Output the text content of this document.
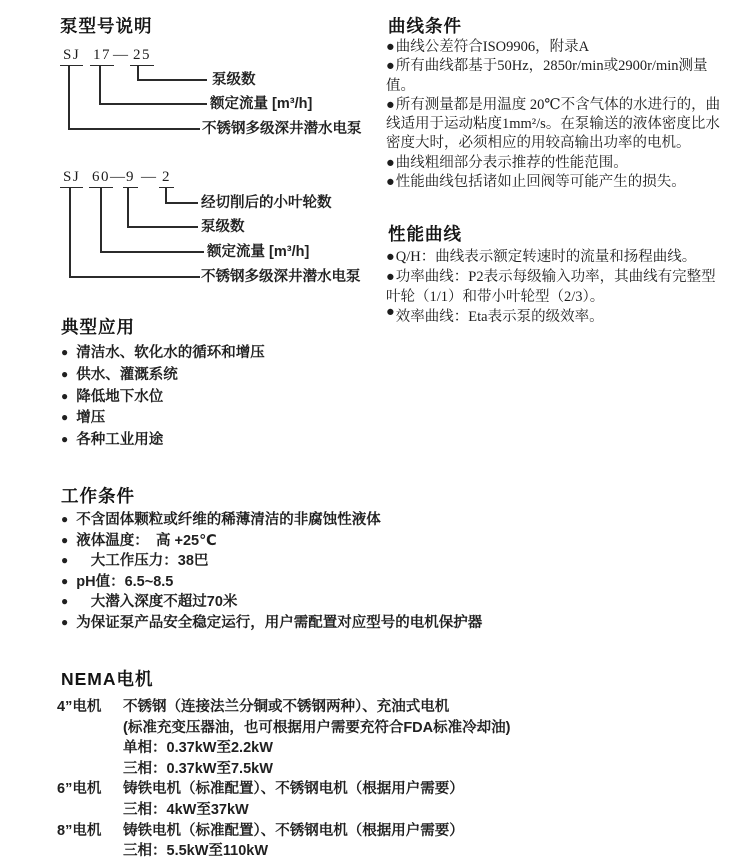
泵型号说明
SJ 17 — 25
泵级数
额定流量 [m³/h]
不锈钢多级深井潜水电泵
SJ 60 — 9 — 2
经切削后的小叶轮数
泵级数
额定流量 [m³/h]
不锈钢多级深井潜水电泵
典型应用
● 清洁水、软化水的循环和增压
● 供水、灌溉系统
● 降低地下水位
● 增压
● 各种工业用途
工作条件
● 不含固体颗粒或纤维的稀薄清洁的非腐蚀性液体
● 液体温度：　高 +25℃
●　大工作压力：38巴
● pH值：6.5~8.5
●　大潜入深度不超过70米
● 为保证泵产品安全稳定运行，用户需配置对应型号的电机保护器
NEMA电机
4”电机	不锈钢（连接法兰分铜或不锈钢两种）、充油式电机
(标准充变压器油，也可根据用户需要充符合FDA标准冷却油)
单相：0.37kW至2.2kW
三相：0.37kW至7.5kW
6”电机	铸铁电机（标准配置）、不锈钢电机（根据用户需要）
三相：4kW至37kW
8”电机	铸铁电机（标准配置）、不锈钢电机（根据用户需要）
三相：5.5kW至110kW
曲线条件
●曲线公差符合ISO9906，附录A
●所有曲线都基于50Hz，2850r/min或2900r/min测量值。
●所有测量都是用温度 20℃不含气体的水进行的，曲线适用于运动粘度1mm²/s。在泵输送的液体密度比水密度大时，必须相应的用较高输出功率的电机。
●曲线粗细部分表示推荐的性能范围。
●性能曲线包括诸如止回阀等可能产生的损失。
性能曲线
●Q/H：曲线表示额定转速时的流量和扬程曲线。
●功率曲线：P2表示每级输入功率，其曲线有完整型叶轮（1/1）和带小叶轮型（2/3）。
●效率曲线：Eta表示泵的级效率。
